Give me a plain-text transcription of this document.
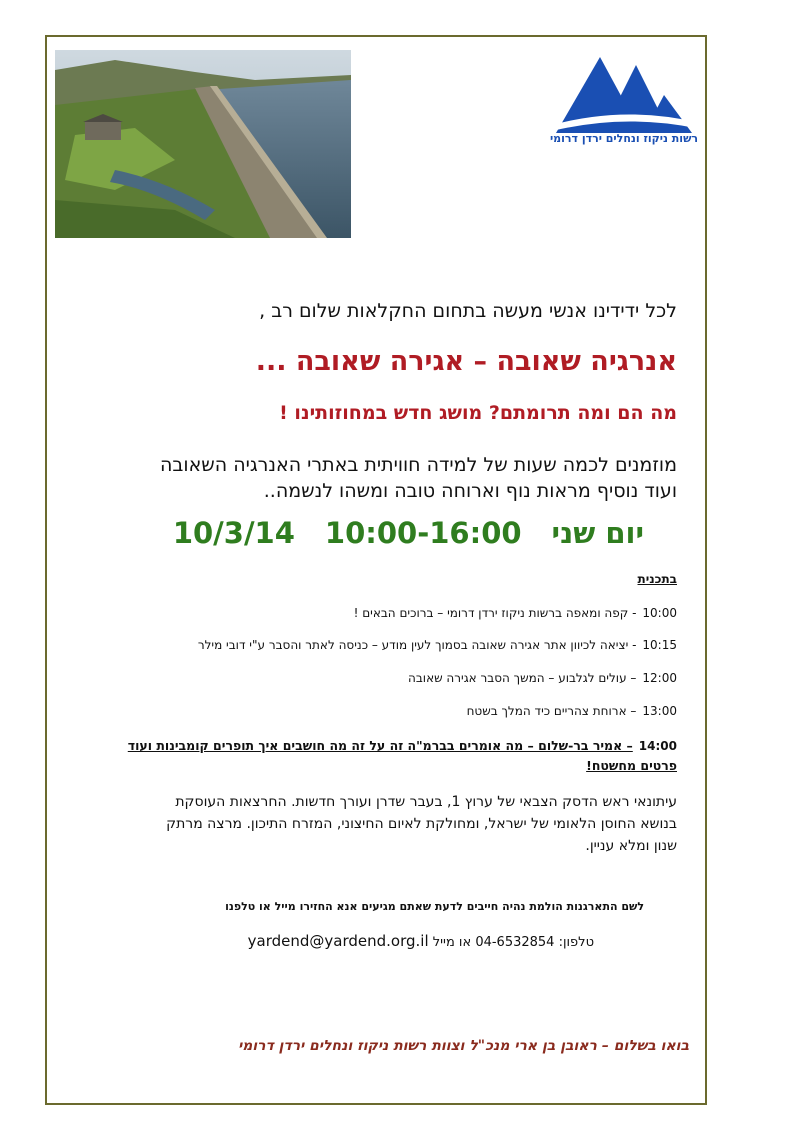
רשות ניקוז ונחלים ירדן דרומי
לכל ידידינו אנשי מעשה בתחום החקלאות שלום רב ,
אנרגיה שאובה – אגירה שאובה ...
מה הם ומה תרומתם? מושג חדש במחוזותינו !
מוזמנים לכמה שעות של למידה חוויתית באתרי האנרגיה השאובה ועוד נוסיף מראות נוף וארוחה טובה ומשהו לנשמה..
יום שני10/3/14 10:00-16:00
בתכנית
10:00- קפה ומאפה ברשות ניקוז ירדן דרומי – ברוכים הבאים !
10:15- יציאה לכיוון אתר אגירה שאובה בסמוך לעין מודע – כניסה לאתר והסבר ע"י דובי מילר
12:00– עולים לגלבוע – המשך הסבר אגירה שאובה
13:00– ארוחת צהריים כיד המלך בשטח
14:00– אמיר בר-שלום – מה אומרים בברמ"ה זה על זה מה חושבים איך תופרים קומבינות ועוד פרטים מחשטח!
עיתונאי ראש הדסק הצבאי של ערוץ 1, בעבר שדרן ועורך חדשות. החרצאות העוסקת בנושא החוסן הלאומי של ישראל, ומחולקת לאיום החיצוני, המזרח התיכון. מרצה מרתק שנון ומלא עניין.
לשם התארגנות הולמת נהיה חייבים לדעת שאתם מגיעים אנא החזירו מייל או טלפנו
טלפון: 04-6532854 או מייל yardend@yardend.org.il
בואו בשלום – ראובן בן ארי מנכ"ל וצוות רשות ניקוז ונחלים ירדן דרומי
